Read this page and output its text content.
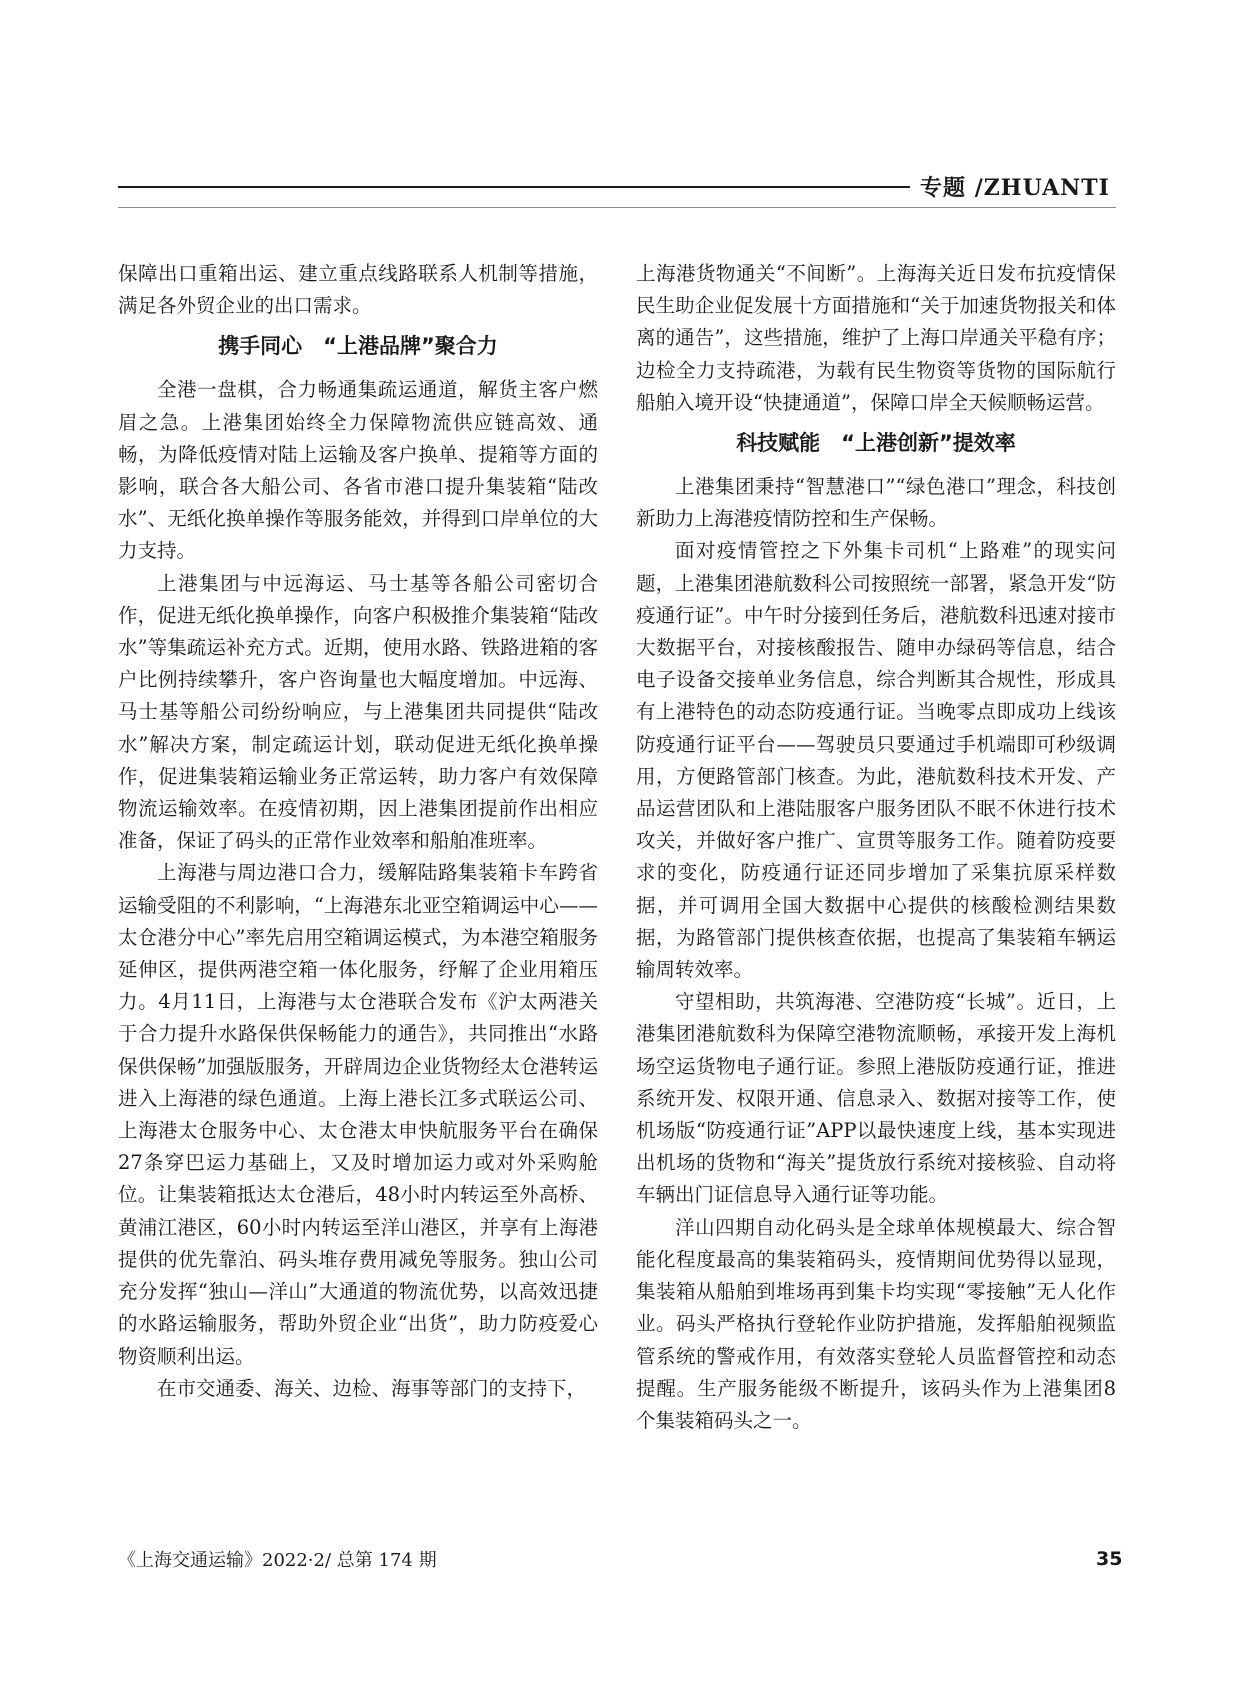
专题 /ZHUANTI

保障出口重箱出运、建立重点线路联系人机制等措施，满足各外贸企业的出口需求。

携手同心　“上港品牌”聚合力

全港一盘棋，合力畅通集疏运通道，解货主客户燃眉之急。上港集团始终全力保障物流供应链高效、通畅，为降低疫情对陆上运输及客户换单、提箱等方面的影响，联合各大船公司、各省市港口提升集装箱“陆改水”、无纸化换单操作等服务能效，并得到口岸单位的大力支持。

上港集团与中远海运、马士基等各船公司密切合作，促进无纸化换单操作，向客户积极推介集装箱“陆改水”等集疏运补充方式。近期，使用水路、铁路进箱的客户比例持续攀升，客户咨询量也大幅度增加。中远海、马士基等船公司纷纷响应，与上港集团共同提供“陆改水”解决方案，制定疏运计划，联动促进无纸化换单操作，促进集装箱运输业务正常运转，助力客户有效保障物流运输效率。在疫情初期，因上港集团提前作出相应准备，保证了码头的正常作业效率和船舶准班率。

上海港与周边港口合力，缓解陆路集装箱卡车跨省运输受阻的不利影响，“上海港东北亚空箱调运中心——太仓港分中心”率先启用空箱调运模式，为本港空箱服务延伸区，提供两港空箱一体化服务，纾解了企业用箱压力。4月11日，上海港与太仓港联合发布《沪太两港关于合力提升水路保供保畅能力的通告》，共同推出“水路保供保畅”加强版服务，开辟周边企业货物经太仓港转运进入上海港的绿色通道。上海上港长江多式联运公司、上海港太仓服务中心、太仓港太申快航服务平台在确保27条穿巴运力基础上，又及时增加运力或对外采购舱位。让集装箱抵达太仓港后，48小时内转运至外高桥、黄浦江港区，60小时内转运至洋山港区，并享有上海港提供的优先靠泊、码头堆存费用减免等服务。独山公司充分发挥“独山—洋山”大通道的物流优势，以高效迅捷的水路运输服务，帮助外贸企业“出货”，助力防疫爱心物资顺利出运。

在市交通委、海关、边检、海事等部门的支持下，

上海港货物通关“不间断”。上海海关近日发布抗疫情保民生助企业促发展十方面措施和“关于加速货物报关和体离的通告”，这些措施，维护了上海口岸通关平稳有序；边检全力支持疏港，为载有民生物资等货物的国际航行船舶入境开设“快捷通道”，保障口岸全天候顺畅运营。

科技赋能　“上港创新”提效率

上港集团秉持“智慧港口”“绿色港口”理念，科技创新助力上海港疫情防控和生产保畅。

面对疫情管控之下外集卡司机“上路难”的现实问题，上港集团港航数科公司按照统一部署，紧急开发“防疫通行证”。中午时分接到任务后，港航数科迅速对接市大数据平台，对接核酸报告、随申办绿码等信息，结合电子设备交接单业务信息，综合判断其合规性，形成具有上港特色的动态防疫通行证。当晚零点即成功上线该防疫通行证平台——驾驶员只要通过手机端即可秒级调用，方便路管部门核查。为此，港航数科技术开发、产品运营团队和上港陆服客户服务团队不眠不休进行技术攻关，并做好客户推广、宣贯等服务工作。随着防疫要求的变化，防疫通行证还同步增加了采集抗原采样数据，并可调用全国大数据中心提供的核酸检测结果数据，为路管部门提供核查依据，也提高了集装箱车辆运输周转效率。

守望相助，共筑海港、空港防疫“长城”。近日，上港集团港航数科为保障空港物流顺畅，承接开发上海机场空运货物电子通行证。参照上港版防疫通行证，推进系统开发、权限开通、信息录入、数据对接等工作，使机场版“防疫通行证”APP以最快速度上线，基本实现进出机场的货物和“海关”提货放行系统对接核验、自动将车辆出门证信息导入通行证等功能。

洋山四期自动化码头是全球单体规模最大、综合智能化程度最高的集装箱码头，疫情期间优势得以显现，集装箱从船舶到堆场再到集卡均实现“零接触”无人化作业。码头严格执行登轮作业防护措施，发挥船舶视频监管系统的警戒作用，有效落实登轮人员监督管控和动态提醒。生产服务能级不断提升，该码头作为上港集团8个集装箱码头之一。

《上海交通运输》2022·2/ 总第 174 期	35
